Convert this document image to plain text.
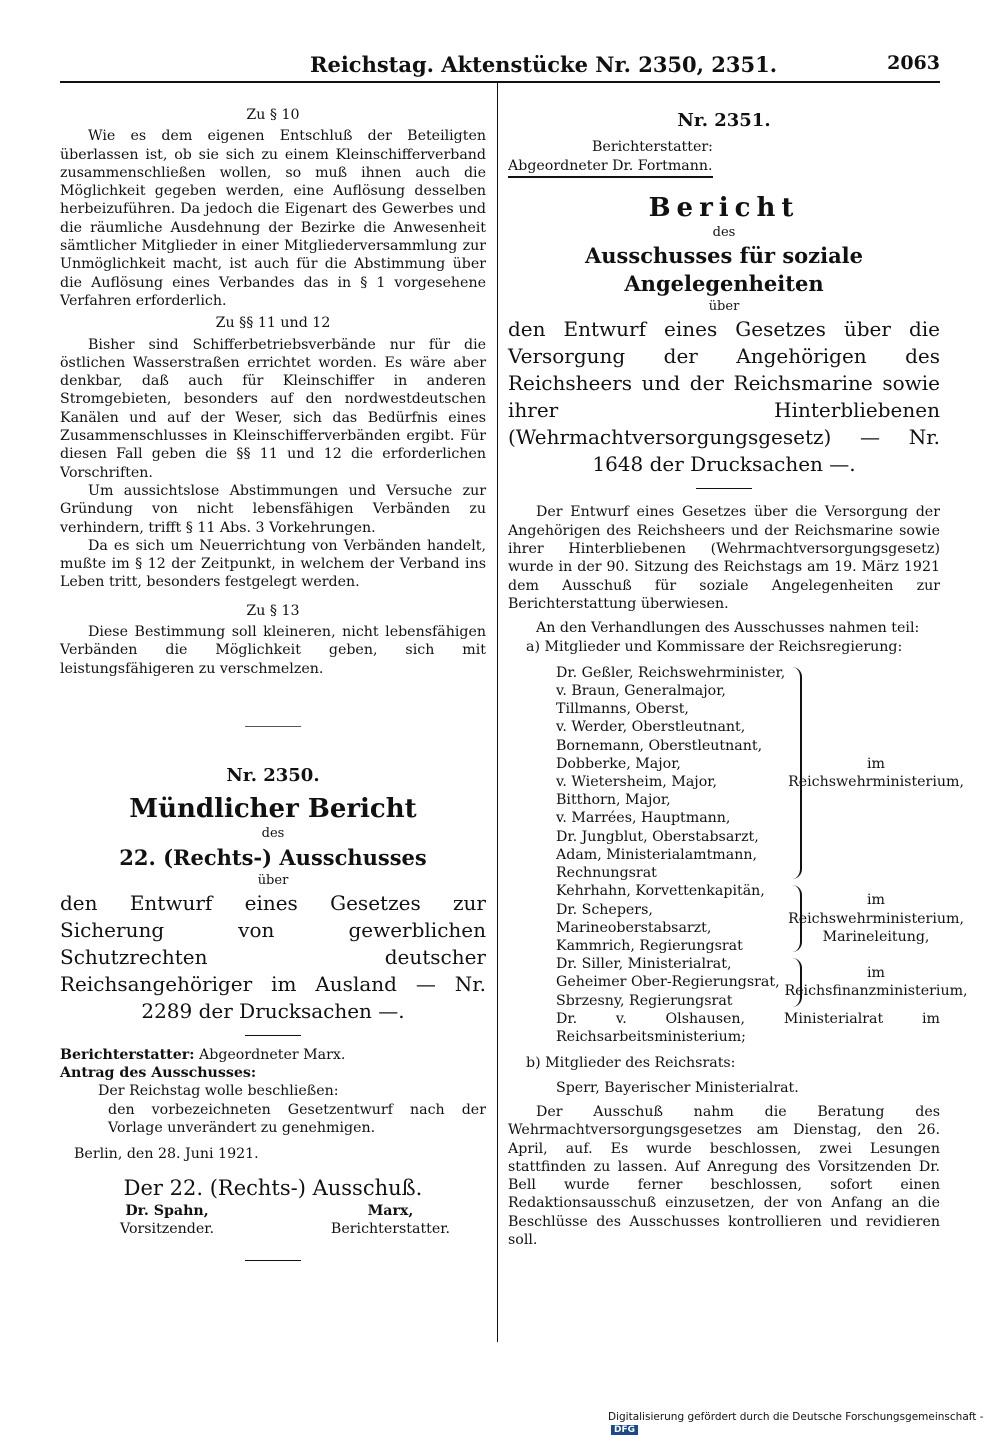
Reichstag. Aktenstücke Nr. 2350, 2351.	2063
Zu § 10

Wie es dem eigenen Entschluß der Beteiligten überlassen ist, ob sie sich zu einem Kleinschifferverband zusammenschließen wollen, so muß ihnen auch die Möglichkeit gegeben werden, eine Auflösung desselben herbeizuführen. Da jedoch die Eigenart des Gewerbes und die räumliche Ausdehnung der Bezirke die Anwesenheit sämtlicher Mitglieder in einer Mitgliederversammlung zur Unmöglichkeit macht, ist auch für die Abstimmung über die Auflösung eines Verbandes das in § 1 vorgesehene Verfahren erforderlich.

Zu §§ 11 und 12

Bisher sind Schifferbetriebsverbände nur für die östlichen Wasserstraßen errichtet worden. Es wäre aber denkbar, daß auch für Kleinschiffer in anderen Stromgebieten, besonders auf den nordwestdeutschen Kanälen und auf der Weser, sich das Bedürfnis eines Zusammenschlusses in Kleinschifferverbänden ergibt. Für diesen Fall geben die §§ 11 und 12 die erforderlichen Vorschriften.

Um aussichtslose Abstimmungen und Versuche zur Gründung von nicht lebensfähigen Verbänden zu verhindern, trifft § 11 Abs. 3 Vorkehrungen.

Da es sich um Neuerrichtung von Verbänden handelt, mußte im § 12 der Zeitpunkt, in welchem der Verband ins Leben tritt, besonders festgelegt werden.

Zu § 13

Diese Bestimmung soll kleineren, nicht lebensfähigen Verbänden die Möglichkeit geben, sich mit leistungsfähigeren zu verschmelzen.

Nr. 2350.
Mündlicher Bericht
des
22. (Rechts-) Ausschusses
über

den Entwurf eines Gesetzes zur Sicherung von gewerblichen Schutzrechten deutscher Reichsangehöriger im Ausland — Nr. 2289 der Drucksachen —.

Berichterstatter: Abgeordneter Marx.

Antrag des Ausschusses:

Der Reichstag wolle beschließen:

den vorbezeichneten Gesetzentwurf nach der Vorlage unverändert zu genehmigen.

Berlin, den 28. Juni 1921.

Der 22. (Rechts-) Ausschuß.
Dr. Spahn,
Vorsitzender.
Marx,
Berichterstatter.
Nr. 2351.
Berichterstatter:
Abgeordneter Dr. Fortmann.
Bericht
des
Ausschusses für soziale Angelegenheiten
über

den Entwurf eines Gesetzes über die Versorgung der Angehörigen des Reichsheers und der Reichsmarine sowie ihrer Hinterbliebenen (Wehrmachtversorgungsgesetz) — Nr. 1648 der Drucksachen —.

Der Entwurf eines Gesetzes über die Versorgung der Angehörigen des Reichsheers und der Reichsmarine sowie ihrer Hinterbliebenen (Wehrmachtversorgungsgesetz) wurde in der 90. Sitzung des Reichstags am 19. März 1921 dem Ausschuß für soziale Angelegenheiten zur Berichterstattung überwiesen.

An den Verhandlungen des Ausschusses nahmen teil:

a) Mitglieder und Kommissare der Reichsregierung:

Dr. Geßler, Reichswehrminister,
v. Braun, Generalmajor,
Tillmanns, Oberst,
v. Werder, Oberstleutnant,
Bornemann, Oberstleutnant,
Dobberke, Major,
v. Wietersheim, Major,
Bitthorn, Major,
v. Marrées, Hauptmann,
Dr. Jungblut, Oberstabsarzt,
Adam, Ministerialamtmann, Rechnungsrat
im Reichswehrministerium,
Kehrhahn, Korvettenkapitän,
Dr. Schepers, Marineoberstabsarzt,
Kammrich, Regierungsrat
im Reichswehrministerium, Marineleitung,
Dr. Siller, Ministerialrat,
Geheimer Ober-Regierungsrat,
Sbrzesny, Regierungsrat
im Reichsfinanzministerium,

Dr. v. Olshausen, Ministerialrat im Reichsarbeitsministerium;

b) Mitglieder des Reichsrats:

Sperr, Bayerischer Ministerialrat.

Der Ausschuß nahm die Beratung des Wehrmachtversorgungsgesetzes am Dienstag, den 26. April, auf. Es wurde beschlossen, zwei Lesungen stattfinden zu lassen. Auf Anregung des Vorsitzenden Dr. Bell wurde ferner beschlossen, sofort einen Redaktionsausschuß einzusetzen, der von Anfang an die Beschlüsse des Ausschusses kontrollieren und revidieren soll.

Digitalisierung gefördert durch die Deutsche Forschungsgemeinschaft -DFG
